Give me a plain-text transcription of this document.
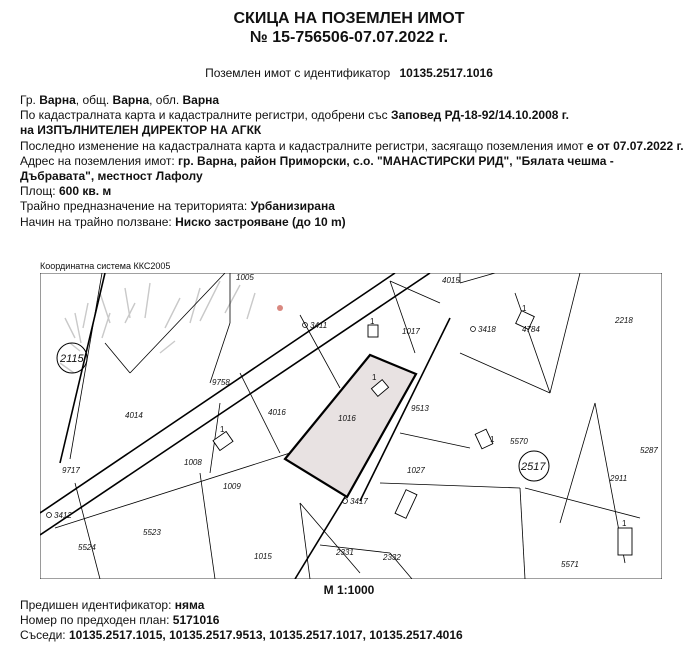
СКИЦА НА ПОЗЕМЛЕН ИМОТ
№ 15-756506-07.07.2022 г.
Поземлен имот с идентификатор 10135.2517.1016
Гр. Варна, общ. Варна, обл. Варна
По кадастралната карта и кадастралните регистри, одобрени със Заповед РД-18-92/14.10.2008 г.
на ИЗПЪЛНИТЕЛЕН ДИРЕКТОР НА АГКК
Последно изменение на кадастралната карта и кадастралните регистри, засягащо поземления имот е от 07.07.2022 г.
Адрес на поземления имот: гр. Варна, район Приморски, с.о. "МАНАСТИРСКИ РИД", "Бялата чешма - Дъбравата", местност Лафолу
Площ: 600 кв. м
Трайно предназначение на територията: Урбанизирана
Начин на трайно ползване: Ниско застрояване (до 10 m)
Координатна система ККС2005
2115
2517
3411	3418
3412
3417
1
1
1
1
1
1
1005	4015
1017	4784
2218
9758
4016
1016
9513
4014
1008
5570
5287
9717
1009
1027
2911
5523
5524
1015	2331
2332
5571
М 1:1000
Предишен идентификатор: няма
Номер по предходен план: 5171016
Съседи: 10135.2517.1015, 10135.2517.9513, 10135.2517.1017, 10135.2517.4016
